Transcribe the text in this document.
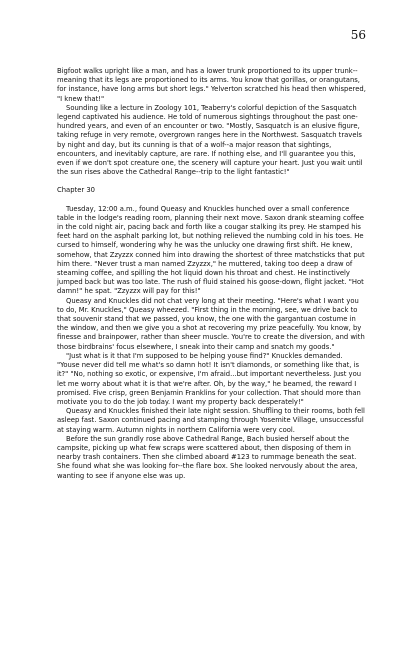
56

Bigfoot walks upright like a man, and has a lower trunk proportioned to its upper trunk--meaning that its legs are proportioned to its arms. You know that gorillas, or orangutans, for instance, have long arms but short legs." Yelverton scratched his head then whispered, "I knew that!"

Sounding like a lecture in Zoology 101, Teaberry's colorful depiction of the Sasquatch legend captivated his audience. He told of numerous sightings throughout the past one-hundred years, and even of an encounter or two. "Mostly, Sasquatch is an elusive figure, taking refuge in very remote, overgrown ranges here in the Northwest. Sasquatch travels by night and day, but its cunning is that of a wolf--a major reason that sightings, encounters, and inevitably capture, are rare. If nothing else, and I'll guarantee you this, even if we don't spot creature one, the scenery will capture your heart. Just you wait until the sun rises above the Cathedral Range--trip to the light fantastic!"

Chapter 30

Tuesday, 12:00 a.m., found Queasy and Knuckles hunched over a small conference table in the lodge's reading room, planning their next move. Saxon drank steaming coffee in the cold night air, pacing back and forth like a cougar stalking its prey. He stamped his feet hard on the asphalt parking lot, but nothing relieved the numbing cold in his toes. He cursed to himself, wondering why he was the unlucky one drawing first shift. He knew, somehow, that Zzyzzx conned him into drawing the shortest of three matchsticks that put him there. "Never trust a man named Zzyzzx," he muttered, taking too deep a draw of steaming coffee, and spilling the hot liquid down his throat and chest. He instinctively jumped back but was too late. The rush of fluid stained his goose-down, flight jacket. "Hot damn!" he spat. "Zzyzzx will pay for this!"

Queasy and Knuckles did not chat very long at their meeting. "Here's what I want you to do, Mr. Knuckles," Queasy wheezed. "First thing in the morning, see, we drive back to that souvenir stand that we passed, you know, the one with the gargantuan costume in the window, and then we give you a shot at recovering my prize peacefully. You know, by finesse and brainpower, rather than sheer muscle. You're to create the diversion, and with those birdbrains' focus elsewhere, I sneak into their camp and snatch my goods."

"Just what is it that I'm supposed to be helping youse find?" Knuckles demanded. "Youse never did tell me what's so damn hot! It isn't diamonds, or something like that, is it?" "No, nothing so exotic, or expensive, I'm afraid...but important nevertheless. Just you let me worry about what it is that we're after. Oh, by the way," he beamed, the reward I promised. Five crisp, green Benjamin Franklins for your collection. That should more than motivate you to do the job today. I want my property back desperately!"

Queasy and Knuckles finished their late night session. Shuffling to their rooms, both fell asleep fast. Saxon continued pacing and stamping through Yosemite Village, unsuccessful at staying warm. Autumn nights in northern California were very cool.

Before the sun grandly rose above Cathedral Range, Bach busied herself about the campsite, picking up what few scraps were scattered about, then disposing of them in nearby trash containers. Then she climbed aboard #123 to rummage beneath the seat. She found what she was looking for--the flare box. She looked nervously about the area, wanting to see if anyone else was up.
